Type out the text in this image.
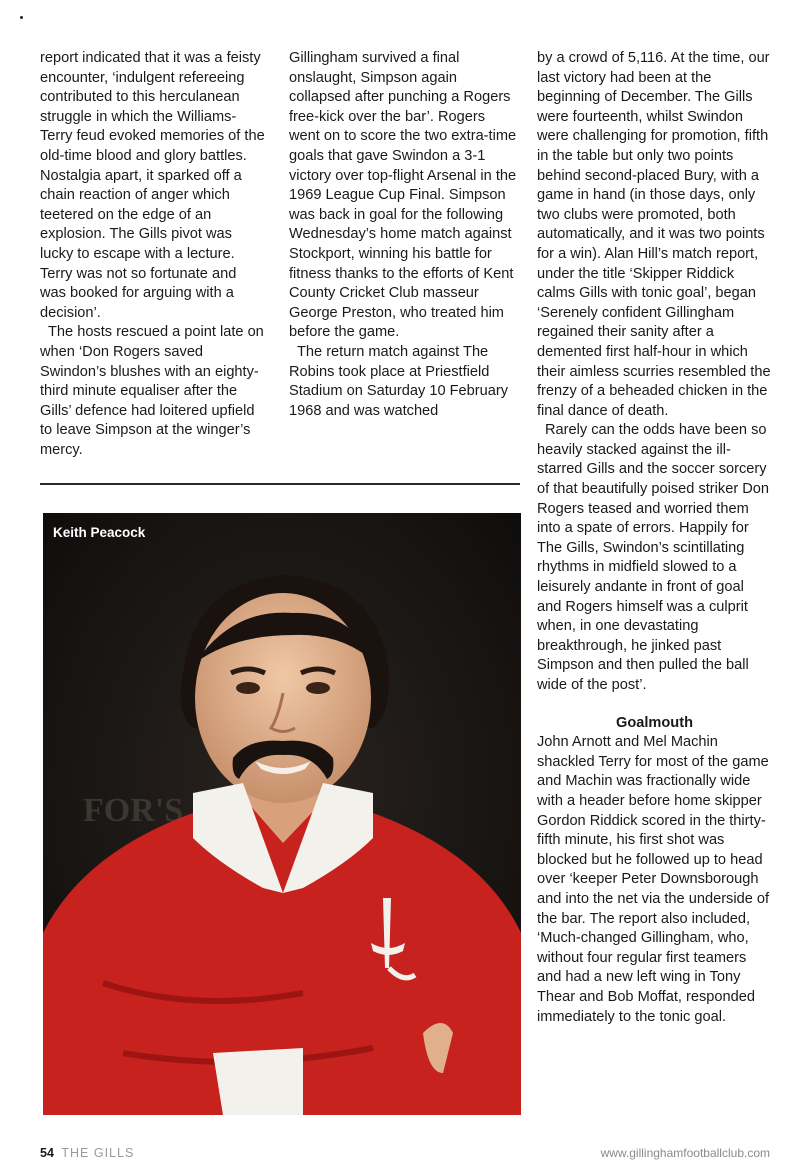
report indicated that it was a feisty encounter, ‘indulgent refereeing contributed to this herculanean struggle in which the Williams-Terry feud evoked memories of the old-time blood and glory battles. Nostalgia apart, it sparked off a chain reaction of anger which teetered on the edge of an explosion. The Gills pivot was lucky to escape with a lecture. Terry was not so fortunate and was booked for arguing with a decision’.

The hosts rescued a point late on when ‘Don Rogers saved Swindon’s blushes with an eighty-third minute equaliser after the Gills’ defence had loitered upfield to leave Simpson at the winger’s mercy.

Gillingham survived a final onslaught, Simpson again collapsed after punching a Rogers free-kick over the bar’. Rogers went on to score the two extra-time goals that gave Swindon a 3-1 victory over top-flight Arsenal in the 1969 League Cup Final. Simpson was back in goal for the following Wednesday’s home match against Stockport, winning his battle for fitness thanks to the efforts of Kent County Cricket Club masseur George Preston, who treated him before the game.

The return match against The Robins took place at Priestfield Stadium on Saturday 10 February 1968 and was watched

by a crowd of 5,116. At the time, our last victory had been at the beginning of December. The Gills were fourteenth, whilst Swindon were challenging for promotion, fifth in the table but only two points behind second-placed Bury, with a game in hand (in those days, only two clubs were promoted, both automatically, and it was two points for a win). Alan Hill’s match report, under the title ‘Skipper Riddick calms Gills with tonic goal’, began ‘Serenely confident Gillingham regained their sanity after a demented first half-hour in which their aimless scurries resembled the frenzy of a beheaded chicken in the final dance of death.

Rarely can the odds have been so heavily stacked against the ill-starred Gills and the soccer sorcery of that beautifully poised striker Don Rogers teased and worried them into a spate of errors. Happily for The Gills, Swindon’s scintillating rhythms in midfield slowed to a leisurely andante in front of goal and Rogers himself was a culprit when, in one devastating breakthrough, he jinked past Simpson and then pulled the ball wide of the post’.

Goalmouth

John Arnott and Mel Machin shackled Terry for most of the game and Machin was fractionally wide with a header before home skipper Gordon Riddick scored in the thirty-fifth minute, his first shot was blocked but he followed up to head over ‘keeper Peter Downsborough and into the net via the underside of the bar. The report also included, ‘Much-changed Gillingham, who, without four regular first teamers and had a new left wing in Tony Thear and Bob Moffat, responded immediately to the tonic goal.

FOR'S
Keith Peacock
54 THE GILLS	www.gillinghamfootballclub.com
